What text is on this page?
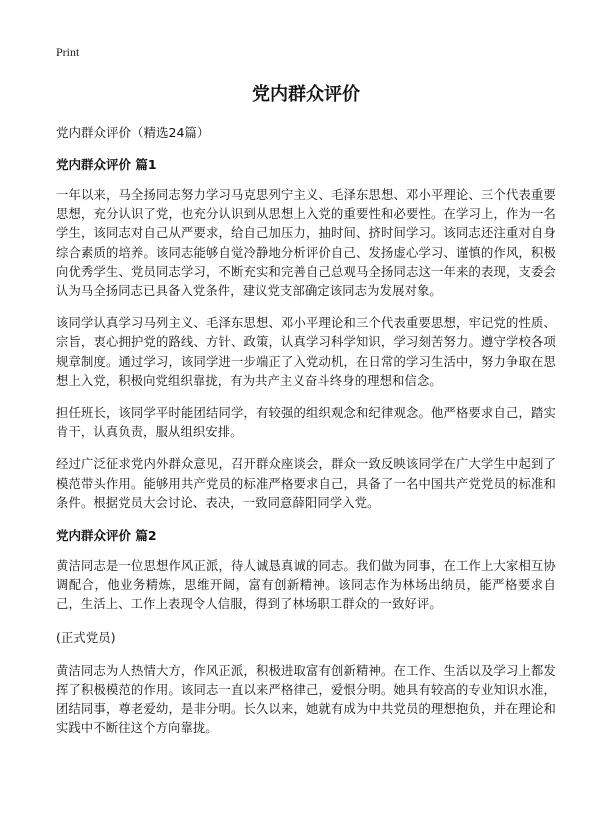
Print
党内群众评价

党内群众评价（精选24篇）

党内群众评价 篇1

一年以来，马全扬同志努力学习马克思列宁主义、毛泽东思想、邓小平理论、三个代表重要思想，充分认识了党，也充分认识到从思想上入党的重要性和必要性。在学习上，作为一名学生，该同志对自己从严要求，给自己加压力，抽时间、挤时间学习。该同志还注重对自身综合素质的培养。该同志能够自觉冷静地分析评价自己、发扬虚心学习、谨慎的作风，积极向优秀学生、党员同志学习，不断充实和完善自己总观马全扬同志这一年来的表现，支委会认为马全扬同志已具备入党条件，建议党支部确定该同志为发展对象。

该同学认真学习马列主义、毛泽东思想、邓小平理论和三个代表重要思想，牢记党的性质、宗旨，衷心拥护党的路线、方针、政策，认真学习科学知识，学习刻苦努力。遵守学校各项规章制度。通过学习，该同学进一步端正了入党动机，在日常的学习生活中，努力争取在思想上入党，积极向党组织靠拢，有为共产主义奋斗终身的理想和信念。

担任班长，该同学平时能团结同学，有较强的组织观念和纪律观念。他严格要求自己，踏实肯干，认真负责，服从组织安排。

经过广泛征求党内外群众意见，召开群众座谈会，群众一致反映该同学在广大学生中起到了模范带头作用。能够用共产党员的标准严格要求自己，具备了一名中国共产党党员的标准和条件。根据党员大会讨论、表决，一致同意薛阳同学入党。

党内群众评价 篇2

黄洁同志是一位思想作风正派，待人诚恳真诚的同志。我们做为同事，在工作上大家相互协调配合，他业务精炼，思维开阔，富有创新精神。该同志作为林场出纳员，能严格要求自己，生活上、工作上表现令人信服，得到了林场职工群众的一致好评。

(正式党员)

黄洁同志为人热情大方，作风正派，积极进取富有创新精神。在工作、生活以及学习上都发挥了积极模范的作用。该同志一直以来严格律己，爱恨分明。她具有较高的专业知识水准，团结同事，尊老爱幼，是非分明。长久以来，她就有成为中共党员的理想抱负，并在理论和实践中不断往这个方向靠拢。
